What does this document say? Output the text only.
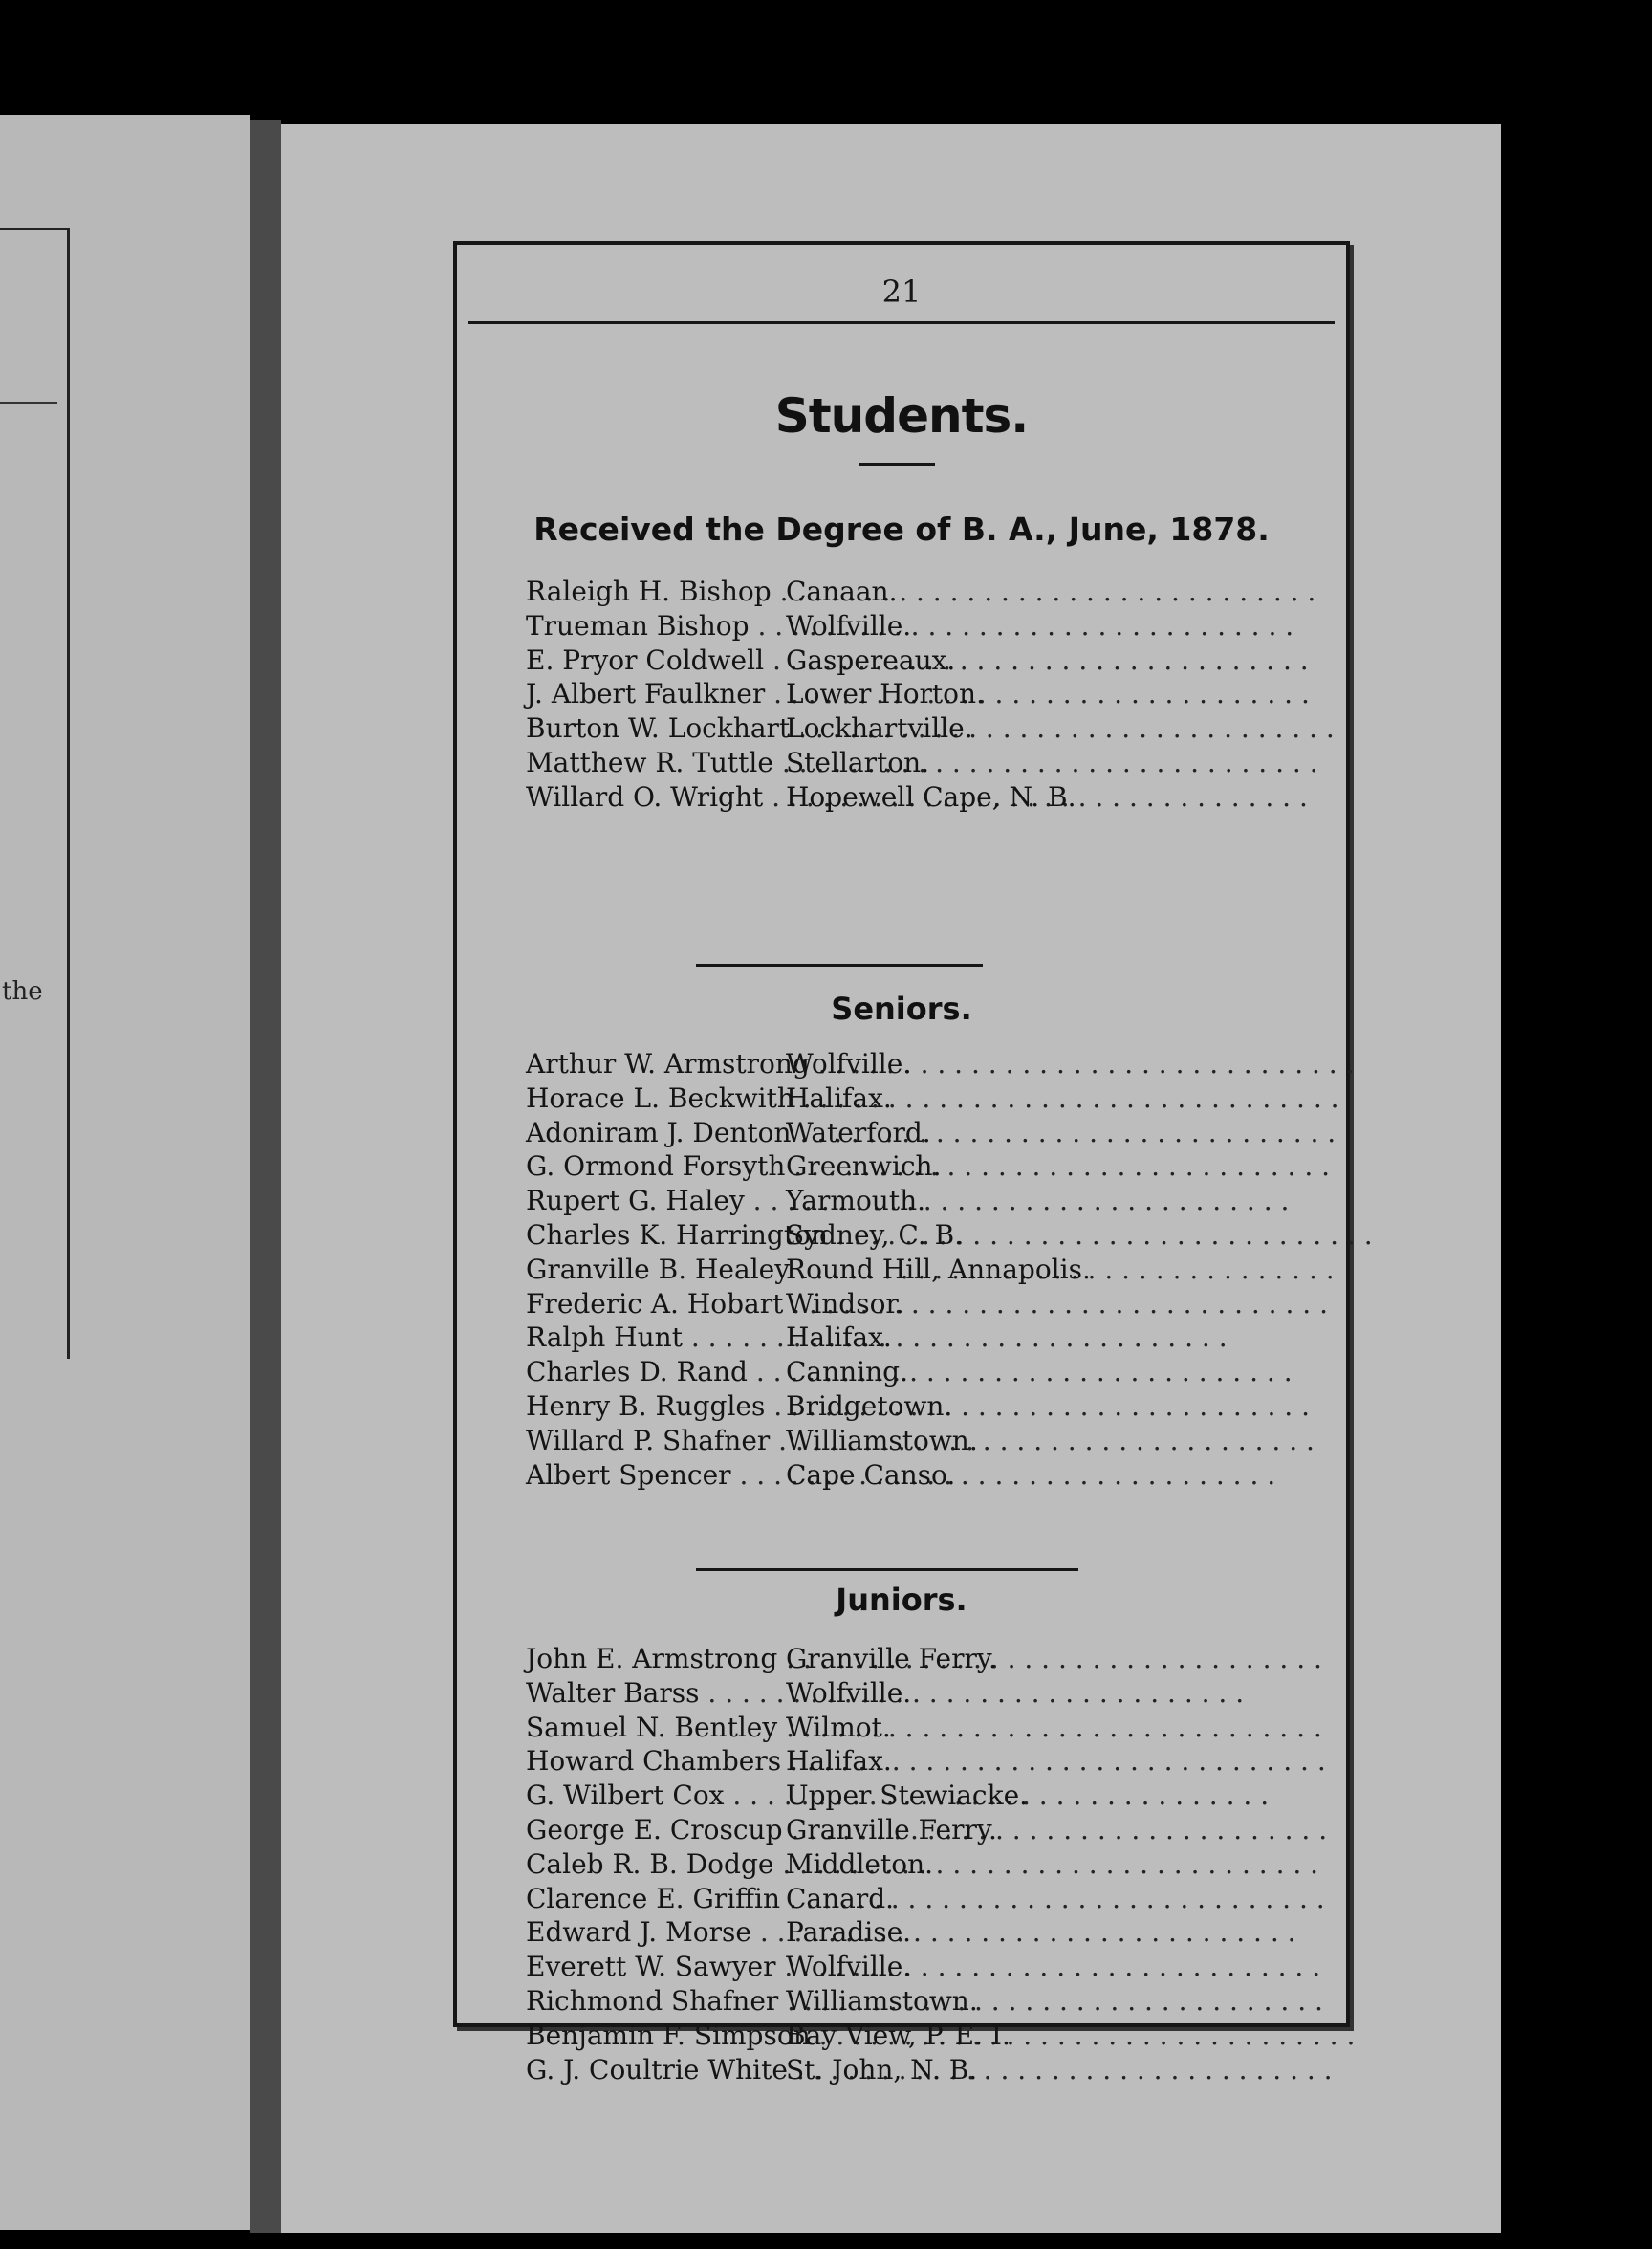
the
21
Students.
Received the Degree of B. A., June, 1878.
Raleigh H. Bishop . . . Canaan.
Trueman Bishop . . .	Wolfville.
E. Pryor Coldwell . . . Gaspereaux.
J. Albert Faulkner . . . Lower Horton.
Burton W. Lockhart . . .
Lockhartville.
Matthew R. Tuttle . . . Stellarton.
Willard O. Wright . . . Hopewell Cape, N. B.
Seniors.
Arthur W. Armstrong . . .
Wolfville.
Horace L. Beckwith . . .
Halifax.
Adoniram J. Denton . . .
Waterford.
G. Ormond Forsyth . . . Greenwich.
Rupert G. Haley . . .	Yarmouth.
Charles K. Harrington . . .
Sydney, C. B.
Granville B. Healey . . .
Round Hill, Annapolis.
Frederic A. Hobart . . . Windsor.
Ralph Hunt . . .	Halifax.
Charles D. Rand . . .	Canning.
Henry B. Ruggles . . . Bridgetown.
Willard P. Shafner . . . Williamstown.
Albert Spencer . . .	Cape Canso.
Juniors.
John E. Armstrong . . . Granville Ferry.
Walter Barss . . .	Wolfville.
Samuel N. Bentley . . . Wilmot.
Howard Chambers . . . Halifax.
G. Wilbert Cox . . .	Upper Stewiacke.
George E. Croscup . . . Granville Ferry.
Caleb R. B. Dodge . . . Middleton.
Clarence E. Griffin . . . Canard.
Edward J. Morse . . .	Paradise.
Everett W. Sawyer . . . Wolfville.
Richmond Shafner . . . Williamstown.
Benjamin F. Simpson . . .
Bay View, P. E. I.
G. J. Coultrie White . . .
St. John, N. B.
